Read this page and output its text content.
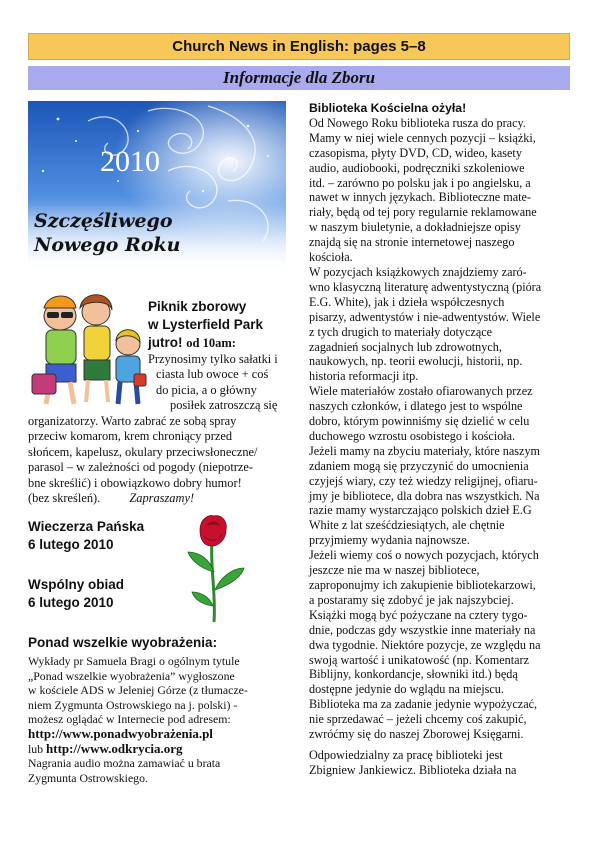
Church News in English: pages 5–8
Informacje dla Zboru
2010
Szczęśliwego
Nowego Roku
Piknik zborowy
w Lysterfield Park
jutro! od 10am:
Przynosimy tylko sałatki i
ciasta lub owoce + coś
do picia, a o główny
posiłek zatroszczą się
organizatorzy. Warto zabrać ze sobą spray
przeciw komarom, krem chroniący przed
słońcem, kapelusz, okulary przeciwsłoneczne/
parasol – w zależności od pogody (niepotrze-
bne skreślić) i obowiązkowo dobry humor!
(bez skreśleń). Zapraszamy!
Wieczerza Pańska
6 lutego 2010
Wspólny obiad
6 lutego 2010
Ponad wszelkie wyobrażenia:
Wykłady pr Samuela Bragi o ogólnym tytule
„Ponad wszelkie wyobrażenia” wygłoszone
w kościele ADS w Jeleniej Górze (z tłumacze-
niem Zygmunta Ostrowskiego na j. polski) -
możesz oglądać w Internecie pod adresem:
http://www.ponadwyobrażenia.pl
lub http://www.odkrycia.org
Nagrania audio można zamawiać u brata
Zygmunta Ostrowskiego.

Biblioteka Kościelna ożyła!

Od Nowego Roku biblioteka rusza do pracy.

Mamy w niej wiele cennych pozycji – książki,

czasopisma, płyty DVD, CD, wideo, kasety

audio, audiobooki, podręczniki szkoleniowe

itd. – zarówno po polsku jak i po angielsku, a

nawet w innych językach. Bibliotecznе mate-

riały, będą od tej pory regularnie reklamowane

w naszym biuletynie, a dokładniejsze opisy

znajdą się na stronie internetowej naszego

kościoła.

W pozycjach książkowych znajdziemy zaró-

wno klasyczną literaturę adwentystyczną (pióra

E.G. White), jak i dzieła współczesnych

pisarzy, adwentystów i nie-adwentystów. Wiele

z tych drugich to materiały dotyczące

zagadnień socjalnych lub zdrowotnych,

naukowych, np. teorii ewolucji, historii, np.

historia reformacji itp.

Wiele materiałów zostało ofiarowanych przez

naszych członków, i dlatego jest to wspólne

dobro, którym powinniśmy się dzielić w celu

duchowego wzrostu osobistego i kościoła.

Jeżeli mamy na zbyciu materiały, które naszym

zdaniem mogą się przyczynić do umocnienia

czyjejś wiary, czy też wiedzy religijnej, ofiaru-

jmy je bibliotece, dla dobra nas wszystkich. Na

razie mamy wystarczająco polskich dzieł E.G

White z lat sześćdziesiątych, ale chętnie

przyjmiemy wydania najnowsze.

Jeżeli wiemy coś o nowych pozycjach, których

jeszcze nie ma w naszej bibliotece,

zaproponujmy ich zakupienie bibliotekarzowi,

a postaramy się zdobyć je jak najszybciej.

Książki mogą być pożyczane na cztery tygo-

dnie, podczas gdy wszystkie inne materiały na

dwa tygodnie. Niektóre pozycje, ze względu na

swoją wartość i unikatowość (np. Komentarz

Biblijny, konkordancje, słowniki itd.) będą

dostępne jedynie do wglądu na miejscu.

Biblioteka ma za zadanie jedynie wypożyczać,

nie sprzedawać – jeżeli chcemy coś zakupić,

zwróćmy się do naszej Zborowej Księgarni.

Odpowiedzialny za pracę biblioteki jest

Zbigniew Jankiewicz. Biblioteka działa na
